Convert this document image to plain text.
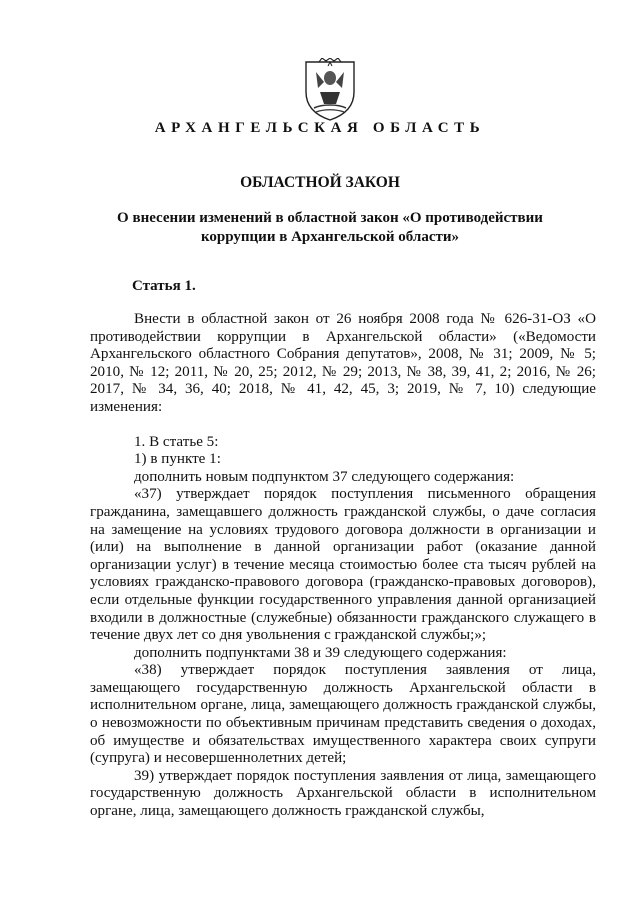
АРХАНГЕЛЬСКАЯ ОБЛАСТЬ
ОБЛАСТНОЙ ЗАКОН
О внесении изменений в областной закон «О противодействии коррупции в Архангельской области»
Статья 1.

Внести в областной закон от 26 ноября 2008 года № 626-31-ОЗ «О противодействии коррупции в Архангельской области» («Ведомости Архангельского областного Собрания депутатов», 2008, № 31; 2009, № 5; 2010, № 12; 2011, № 20, 25; 2012, № 29; 2013, № 38, 39, 41, 2; 2016, № 26; 2017, № 34, 36, 40; 2018, № 41, 42, 45, 3; 2019, № 7, 10) следующие изменения:

1. В статье 5:

1) в пункте 1:

дополнить новым подпунктом 37 следующего содержания:

«37) утверждает порядок поступления письменного обращения гражданина, замещавшего должность гражданской службы, о даче согласия на замещение на условиях трудового договора должности в организации и (или) на выполнение в данной организации работ (оказание данной организации услуг) в течение месяца стоимостью более ста тысяч рублей на условиях гражданско-правового договора (гражданско-правовых договоров), если отдельные функции государственного управления данной организацией входили в должностные (служебные) обязанности гражданского служащего в течение двух лет со дня увольнения с гражданской службы;»;

дополнить подпунктами 38 и 39 следующего содержания:

«38) утверждает порядок поступления заявления от лица, замещающего государственную должность Архангельской области в исполнительном органе, лица, замещающего должность гражданской службы, о невозможности по объективным причинам представить сведения о доходах, об имуществе и обязательствах имущественного характера своих супруги (супруга) и несовершеннолетних детей;

39) утверждает порядок поступления заявления от лица, замещающего государственную должность Архангельской области в исполнительном органе, лица, замещающего должность гражданской службы,
